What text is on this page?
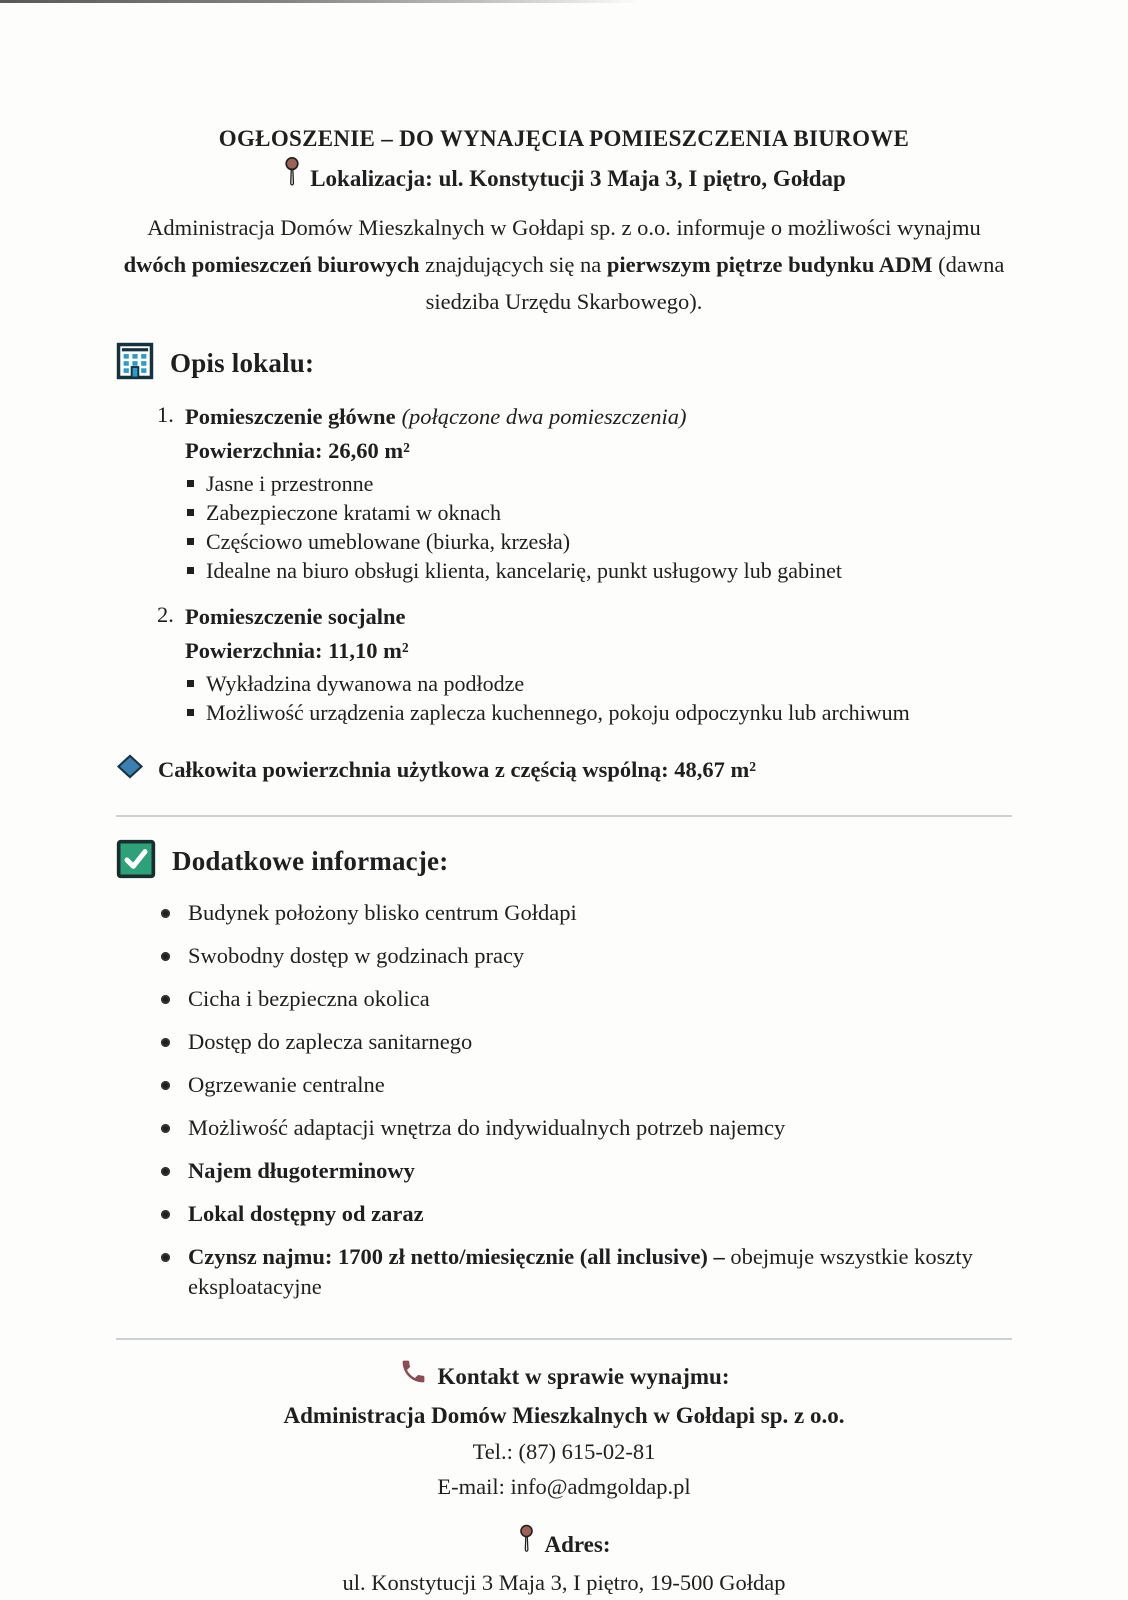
OGŁOSZENIE – DO WYNAJĘCIA POMIESZCZENIA BIUROWE
Lokalizacja: ul. Konstytucji 3 Maja 3, I piętro, Gołdap

Administracja Domów Mieszkalnych w Gołdapi sp. z o.o. informuje o możliwości wynajmu dwóch pomieszczeń biurowych znajdujących się na pierwszym piętrze budynku ADM (dawna siedziba Urzędu Skarbowego).

Opis lokalu:
1. Pomieszczenie główne (połączone dwa pomieszczenia)
Powierzchnia: 26,60 m²
Jasne i przestronne
Zabezpieczone kratami w oknach
Częściowo umeblowane (biurka, krzesła)
Idealne na biuro obsługi klienta, kancelarię, punkt usługowy lub gabinet
2. Pomieszczenie socjalne
Powierzchnia: 11,10 m²
Wykładzina dywanowa na podłodze
Możliwość urządzenia zaplecza kuchennego, pokoju odpoczynku lub archiwum
Całkowita powierzchnia użytkowa z częścią wspólną: 48,67 m²
Dodatkowe informacje:
Budynek położony blisko centrum Gołdapi
Swobodny dostęp w godzinach pracy
Cicha i bezpieczna okolica
Dostęp do zaplecza sanitarnego
Ogrzewanie centralne
Możliwość adaptacji wnętrza do indywidualnych potrzeb najemcy
Najem długoterminowy
Lokal dostępny od zaraz
Czynsz najmu: 1700 zł netto/miesięcznie (all inclusive) – obejmuje wszystkie koszty eksploatacyjne
Kontakt w sprawie wynajmu:
Administracja Domów Mieszkalnych w Gołdapi sp. z o.o.
Tel.: (87) 615-02-81
E-mail: info@admgoldap.pl
Adres:
ul. Konstytucji 3 Maja 3, I piętro, 19-500 Gołdap
